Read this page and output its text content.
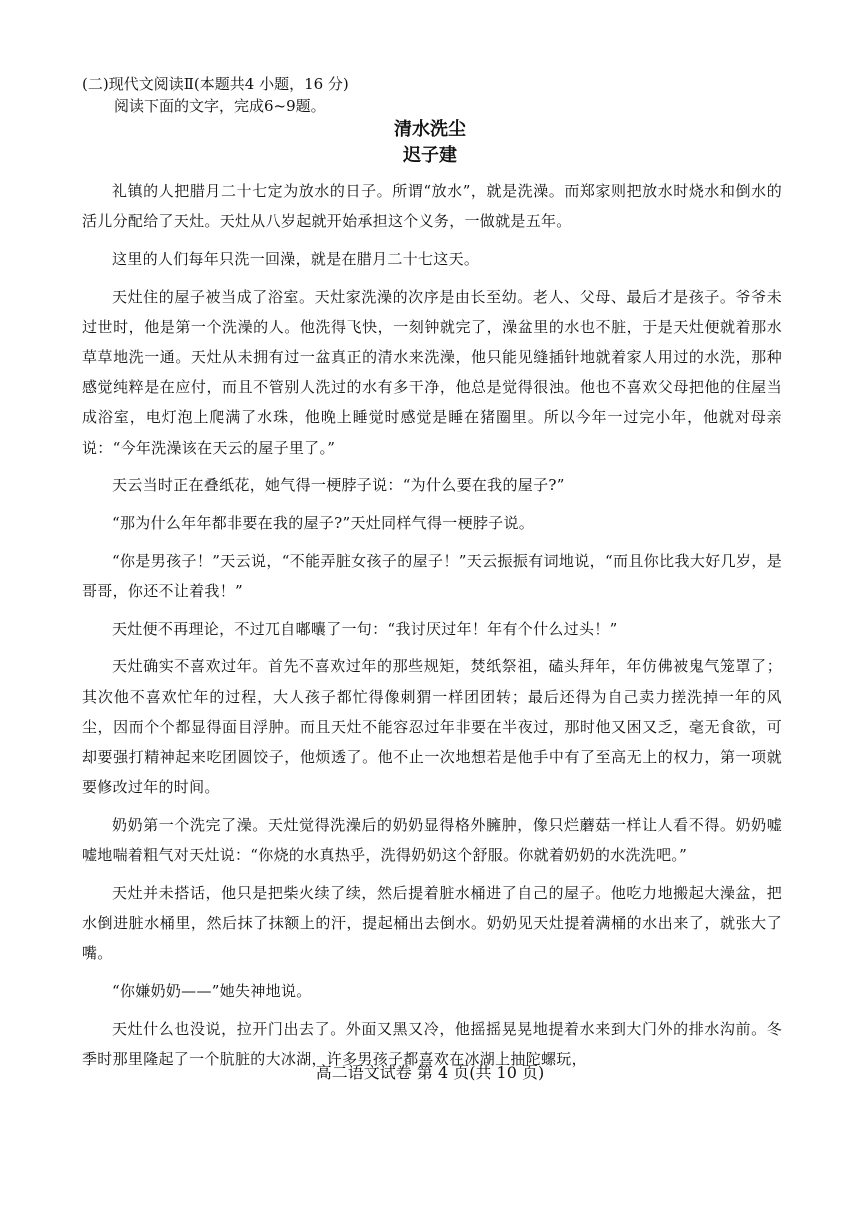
(二)现代文阅读Ⅱ(本题共4 小题，16 分)
阅读下面的文字，完成6~9题。
清水洗尘
迟子建

礼镇的人把腊月二十七定为放水的日子。所谓“放水”，就是洗澡。而郑家则把放水时烧水和倒水的活儿分配给了天灶。天灶从八岁起就开始承担这个义务，一做就是五年。

这里的人们每年只洗一回澡，就是在腊月二十七这天。

天灶住的屋子被当成了浴室。天灶家洗澡的次序是由长至幼。老人、父母、最后才是孩子。爷爷未过世时，他是第一个洗澡的人。他洗得飞快，一刻钟就完了，澡盆里的水也不脏，于是天灶便就着那水草草地洗一通。天灶从未拥有过一盆真正的清水来洗澡，他只能见缝插针地就着家人用过的水洗，那种感觉纯粹是在应付，而且不管别人洗过的水有多干净，他总是觉得很浊。他也不喜欢父母把他的住屋当成浴室，电灯泡上爬满了水珠，他晚上睡觉时感觉是睡在猪圈里。所以今年一过完小年，他就对母亲说：“今年洗澡该在天云的屋子里了。”

天云当时正在叠纸花，她气得一梗脖子说：“为什么要在我的屋子?”

“那为什么年年都非要在我的屋子?”天灶同样气得一梗脖子说。

“你是男孩子！”天云说，“不能弄脏女孩子的屋子！”天云振振有词地说，“而且你比我大好几岁，是哥哥，你还不让着我！”

天灶便不再理论，不过兀自嘟囔了一句：“我讨厌过年！年有个什么过头！”

天灶确实不喜欢过年。首先不喜欢过年的那些规矩，焚纸祭祖，磕头拜年，年仿佛被鬼气笼罩了；其次他不喜欢忙年的过程，大人孩子都忙得像刺猬一样团团转；最后还得为自己卖力搓洗掉一年的风尘，因而个个都显得面目浮肿。而且天灶不能容忍过年非要在半夜过，那时他又困又乏，毫无食欲，可却要强打精神起来吃团圆饺子，他烦透了。他不止一次地想若是他手中有了至高无上的权力，第一项就要修改过年的时间。

奶奶第一个洗完了澡。天灶觉得洗澡后的奶奶显得格外臃肿，像只烂蘑菇一样让人看不得。奶奶嘘嘘地喘着粗气对天灶说：“你烧的水真热乎，洗得奶奶这个舒服。你就着奶奶的水洗洗吧。”

天灶并未搭话，他只是把柴火续了续，然后提着脏水桶进了自己的屋子。他吃力地搬起大澡盆，把水倒进脏水桶里，然后抹了抹额上的汗，提起桶出去倒水。奶奶见天灶提着满桶的水出来了，就张大了嘴。

“你嫌奶奶——”她失神地说。

天灶什么也没说，拉开门出去了。外面又黑又冷，他摇摇晃晃地提着水来到大门外的排水沟前。冬季时那里隆起了一个肮脏的大冰湖，许多男孩子都喜欢在冰湖上抽陀螺玩，

高二语文试卷 第 4 页(共 10 页)
